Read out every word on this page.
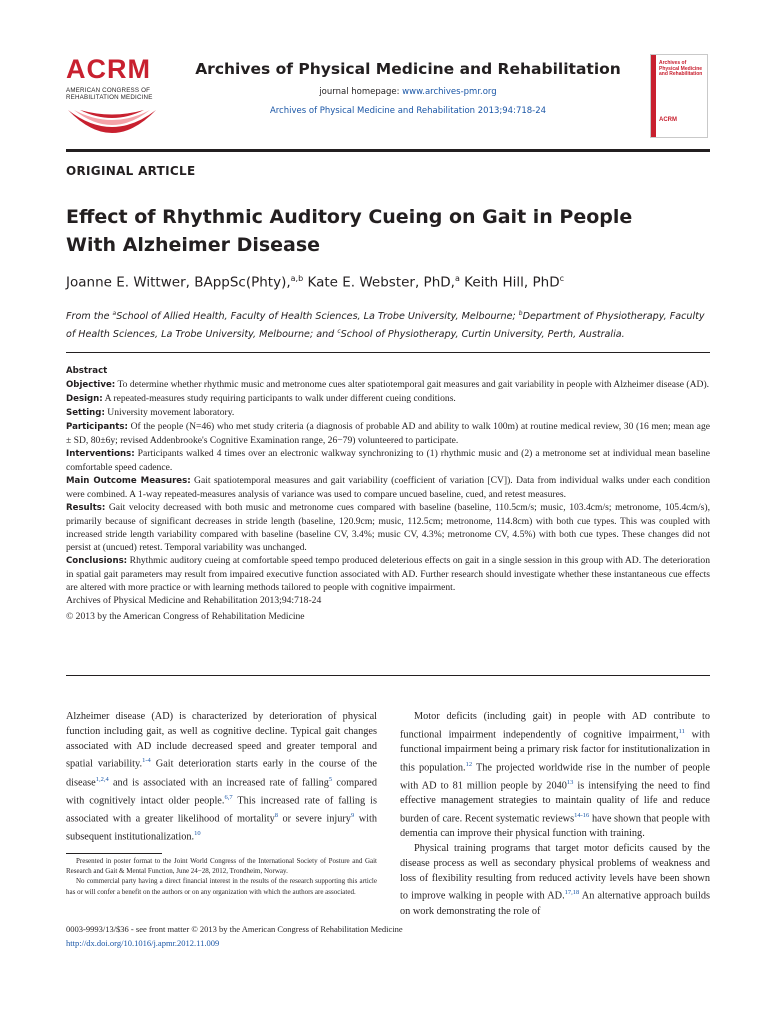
ACRM
AMERICAN CONGRESS OF
REHABILITATION MEDICINE
Archives of Physical Medicine and Rehabilitation
journal homepage: www.archives-pmr.org
Archives of Physical Medicine and Rehabilitation 2013;94:718-24
Archives of Physical Medicine and Rehabilitation
ACRM
ORIGINAL ARTICLE
Effect of Rhythmic Auditory Cueing on Gait in People
With Alzheimer Disease
Joanne E. Wittwer, BAppSc(Phty),$^{a,b}$ Kate E. Webster, PhD,$^a$ Keith Hill, PhD$^c$
From the $^a$School of Allied Health, Faculty of Health Sciences, La Trobe University, Melbourne; $^b$Department of Physiotherapy, Faculty of Health Sciences, La Trobe University, Melbourne; and $^c$School of Physiotherapy, Curtin University, Perth, Australia.
Abstract

Objective: To determine whether rhythmic music and metronome cues alter spatiotemporal gait measures and gait variability in people with Alzheimer disease (AD).

Design: A repeated-measures study requiring participants to walk under different cueing conditions.

Setting: University movement laboratory.

Participants: Of the people (N=46) who met study criteria (a diagnosis of probable AD and ability to walk 100m) at routine medical review, 30 (16 men; mean age ± SD, 80±6y; revised Addenbrooke's Cognitive Examination range, 26−79) volunteered to participate.

Interventions: Participants walked 4 times over an electronic walkway synchronizing to (1) rhythmic music and (2) a metronome set at individual mean baseline comfortable speed cadence.

Main Outcome Measures: Gait spatiotemporal measures and gait variability (coefficient of variation [CV]). Data from individual walks under each condition were combined. A 1-way repeated-measures analysis of variance was used to compare uncued baseline, cued, and retest measures.

Results: Gait velocity decreased with both music and metronome cues compared with baseline (baseline, 110.5cm/s; music, 103.4cm/s; metronome, 105.4cm/s), primarily because of significant decreases in stride length (baseline, 120.9cm; music, 112.5cm; metronome, 114.8cm) with both cue types. This was coupled with increased stride length variability compared with baseline (baseline CV, 3.4%; music CV, 4.3%; metronome CV, 4.5%) with both cue types. These changes did not persist at (uncued) retest. Temporal variability was unchanged.

Conclusions: Rhythmic auditory cueing at comfortable speed tempo produced deleterious effects on gait in a single session in this group with AD. The deterioration in spatial gait parameters may result from impaired executive function associated with AD. Further research should investigate whether these instantaneous cue effects are altered with more practice or with learning methods tailored to people with cognitive impairment.

Archives of Physical Medicine and Rehabilitation 2013;94:718-24

© 2013 by the American Congress of Rehabilitation Medicine

Alzheimer disease (AD) is characterized by deterioration of physical function including gait, as well as cognitive decline. Typical gait changes associated with AD include decreased speed and greater temporal and spatial variability.$^{1-4}$ Gait deterioration starts early in the course of the disease$^{1,2,4}$ and is associated with an increased rate of falling$^5$ compared with cognitively intact older people.$^{6,7}$ This increased rate of falling is associated with a greater likelihood of mortality$^8$ or severe injury$^9$ with subsequent institutionalization.$^{10}$

Motor deficits (including gait) in people with AD contribute to functional impairment independently of cognitive impairment,$^{11}$ with functional impairment being a primary risk factor for institutionalization in this population.$^{12}$ The projected worldwide rise in the number of people with AD to 81 million people by 2040$^{13}$ is intensifying the need to find effective management strategies to maintain quality of life and reduce burden of care. Recent systematic reviews$^{14-16}$ have shown that people with dementia can improve their physical function with training.

Physical training programs that target motor deficits caused by the disease process as well as secondary physical problems of weakness and loss of flexibility resulting from reduced activity levels have been shown to improve walking in people with AD.$^{17,18}$ An alternative approach builds on work demonstrating the role of

Presented in poster format to the Joint World Congress of the International Society of Posture and Gait Research and Gait & Mental Function, June 24−28, 2012, Trondheim, Norway.

No commercial party having a direct financial interest in the results of the research supporting this article has or will confer a benefit on the authors or on any organization with which the authors are associated.

0003-9993/13/$36 - see front matter © 2013 by the American Congress of Rehabilitation Medicine
http://dx.doi.org/10.1016/j.apmr.2012.11.009
